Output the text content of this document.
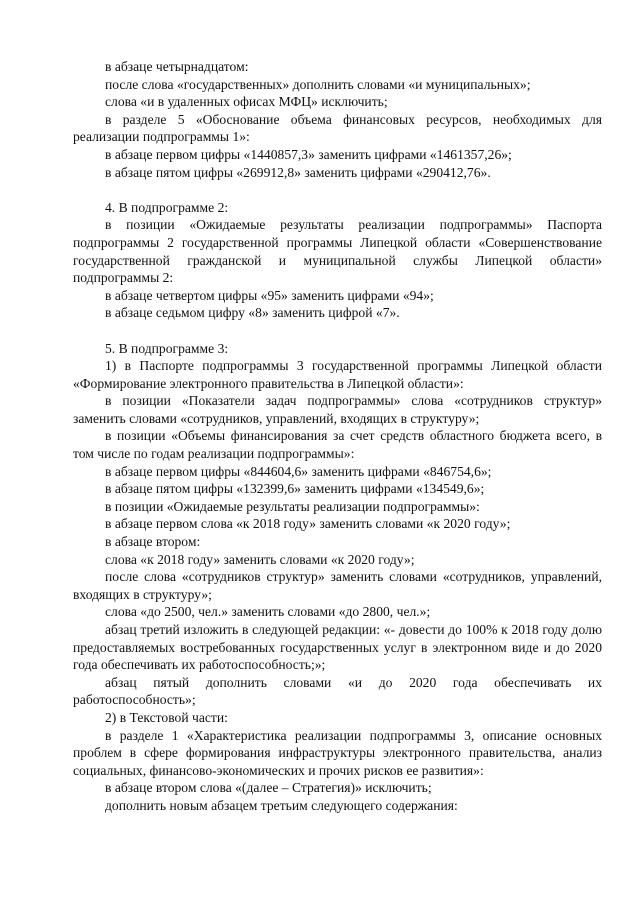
в абзаце четырнадцатом:

после слова «государственных» дополнить словами «и муниципальных»;

слова «и в удаленных офисах МФЦ» исключить;

в разделе 5 «Обоснование объема финансовых ресурсов, необходимых для реализации подпрограммы 1»:

в абзаце первом цифры «1440857,3» заменить цифрами «1461357,26»;

в абзаце пятом цифры «269912,8» заменить цифрами «290412,76».

4. В подпрограмме 2:

в позиции «Ожидаемые результаты реализации подпрограммы» Паспорта подпрограммы 2 государственной программы Липецкой области «Совершенствование государственной гражданской и муниципальной службы Липецкой области» подпрограммы 2:

в абзаце четвертом цифры «95» заменить цифрами «94»;

в абзаце седьмом цифру «8» заменить цифрой «7».

5. В подпрограмме 3:

1) в Паспорте подпрограммы 3 государственной программы Липецкой области «Формирование электронного правительства в Липецкой области»:

в позиции «Показатели задач подпрограммы» слова «сотрудников структур» заменить словами «сотрудников, управлений, входящих в структуру»;

в позиции «Объемы финансирования за счет средств областного бюджета всего, в том числе по годам реализации подпрограммы»:

в абзаце первом цифры «844604,6» заменить цифрами «846754,6»;

в абзаце пятом цифры «132399,6» заменить цифрами «134549,6»;

в позиции «Ожидаемые результаты реализации подпрограммы»:

в абзаце первом слова «к 2018 году» заменить словами «к 2020 году»;

в абзаце втором:

слова «к 2018 году» заменить словами «к 2020 году»;

после слова «сотрудников структур» заменить словами «сотрудников, управлений, входящих в структуру»;

слова «до 2500, чел.» заменить словами «до 2800, чел.»;

абзац третий изложить в следующей редакции: «- довести до 100% к 2018 году долю предоставляемых востребованных государственных услуг в электронном виде и до 2020 года обеспечивать их работоспособность;»;

абзац пятый дополнить словами «и до 2020 года обеспечивать их работоспособность»;

2) в Текстовой части:

в разделе 1 «Характеристика реализации подпрограммы 3, описание основных проблем в сфере формирования инфраструктуры электронного правительства, анализ социальных, финансово-экономических и прочих рисков ее развития»:

в абзаце втором слова «(далее – Стратегия)» исключить;

дополнить новым абзацем третьим следующего содержания:
